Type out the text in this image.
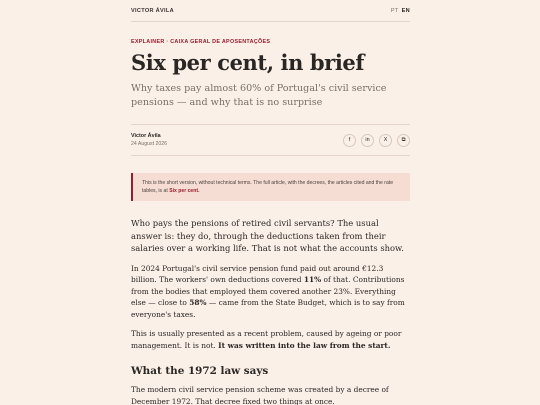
VICTOR ÁVILA	PT EN
EXPLAINER · CAIXA GERAL DE APOSENTAÇÕES
Six per cent, in brief
Why taxes pay almost 60% of Portugal's civil service pensions — and why that is no surprise
Victor Ávila
24 August 2026
f	in	X	⧉
This is the short version, without technical terms. The full article, with the decrees, the articles cited and the rate tables, is at Six per cent.

Who pays the pensions of retired civil servants? The usual answer is: they do, through the deductions taken from their salaries over a working life. That is not what the accounts show.

In 2024 Portugal's civil service pension fund paid out around €12.3 billion. The workers' own deductions covered 11% of that. Contributions from the bodies that employed them covered another 23%. Everything else — close to 58% — came from the State Budget, which is to say from everyone's taxes.

This is usually presented as a recent problem, caused by ageing or poor management. It is not. It was written into the law from the start.

What the 1972 law says

The modern civil service pension scheme was created by a decree of December 1972. That decree fixed two things at once.
